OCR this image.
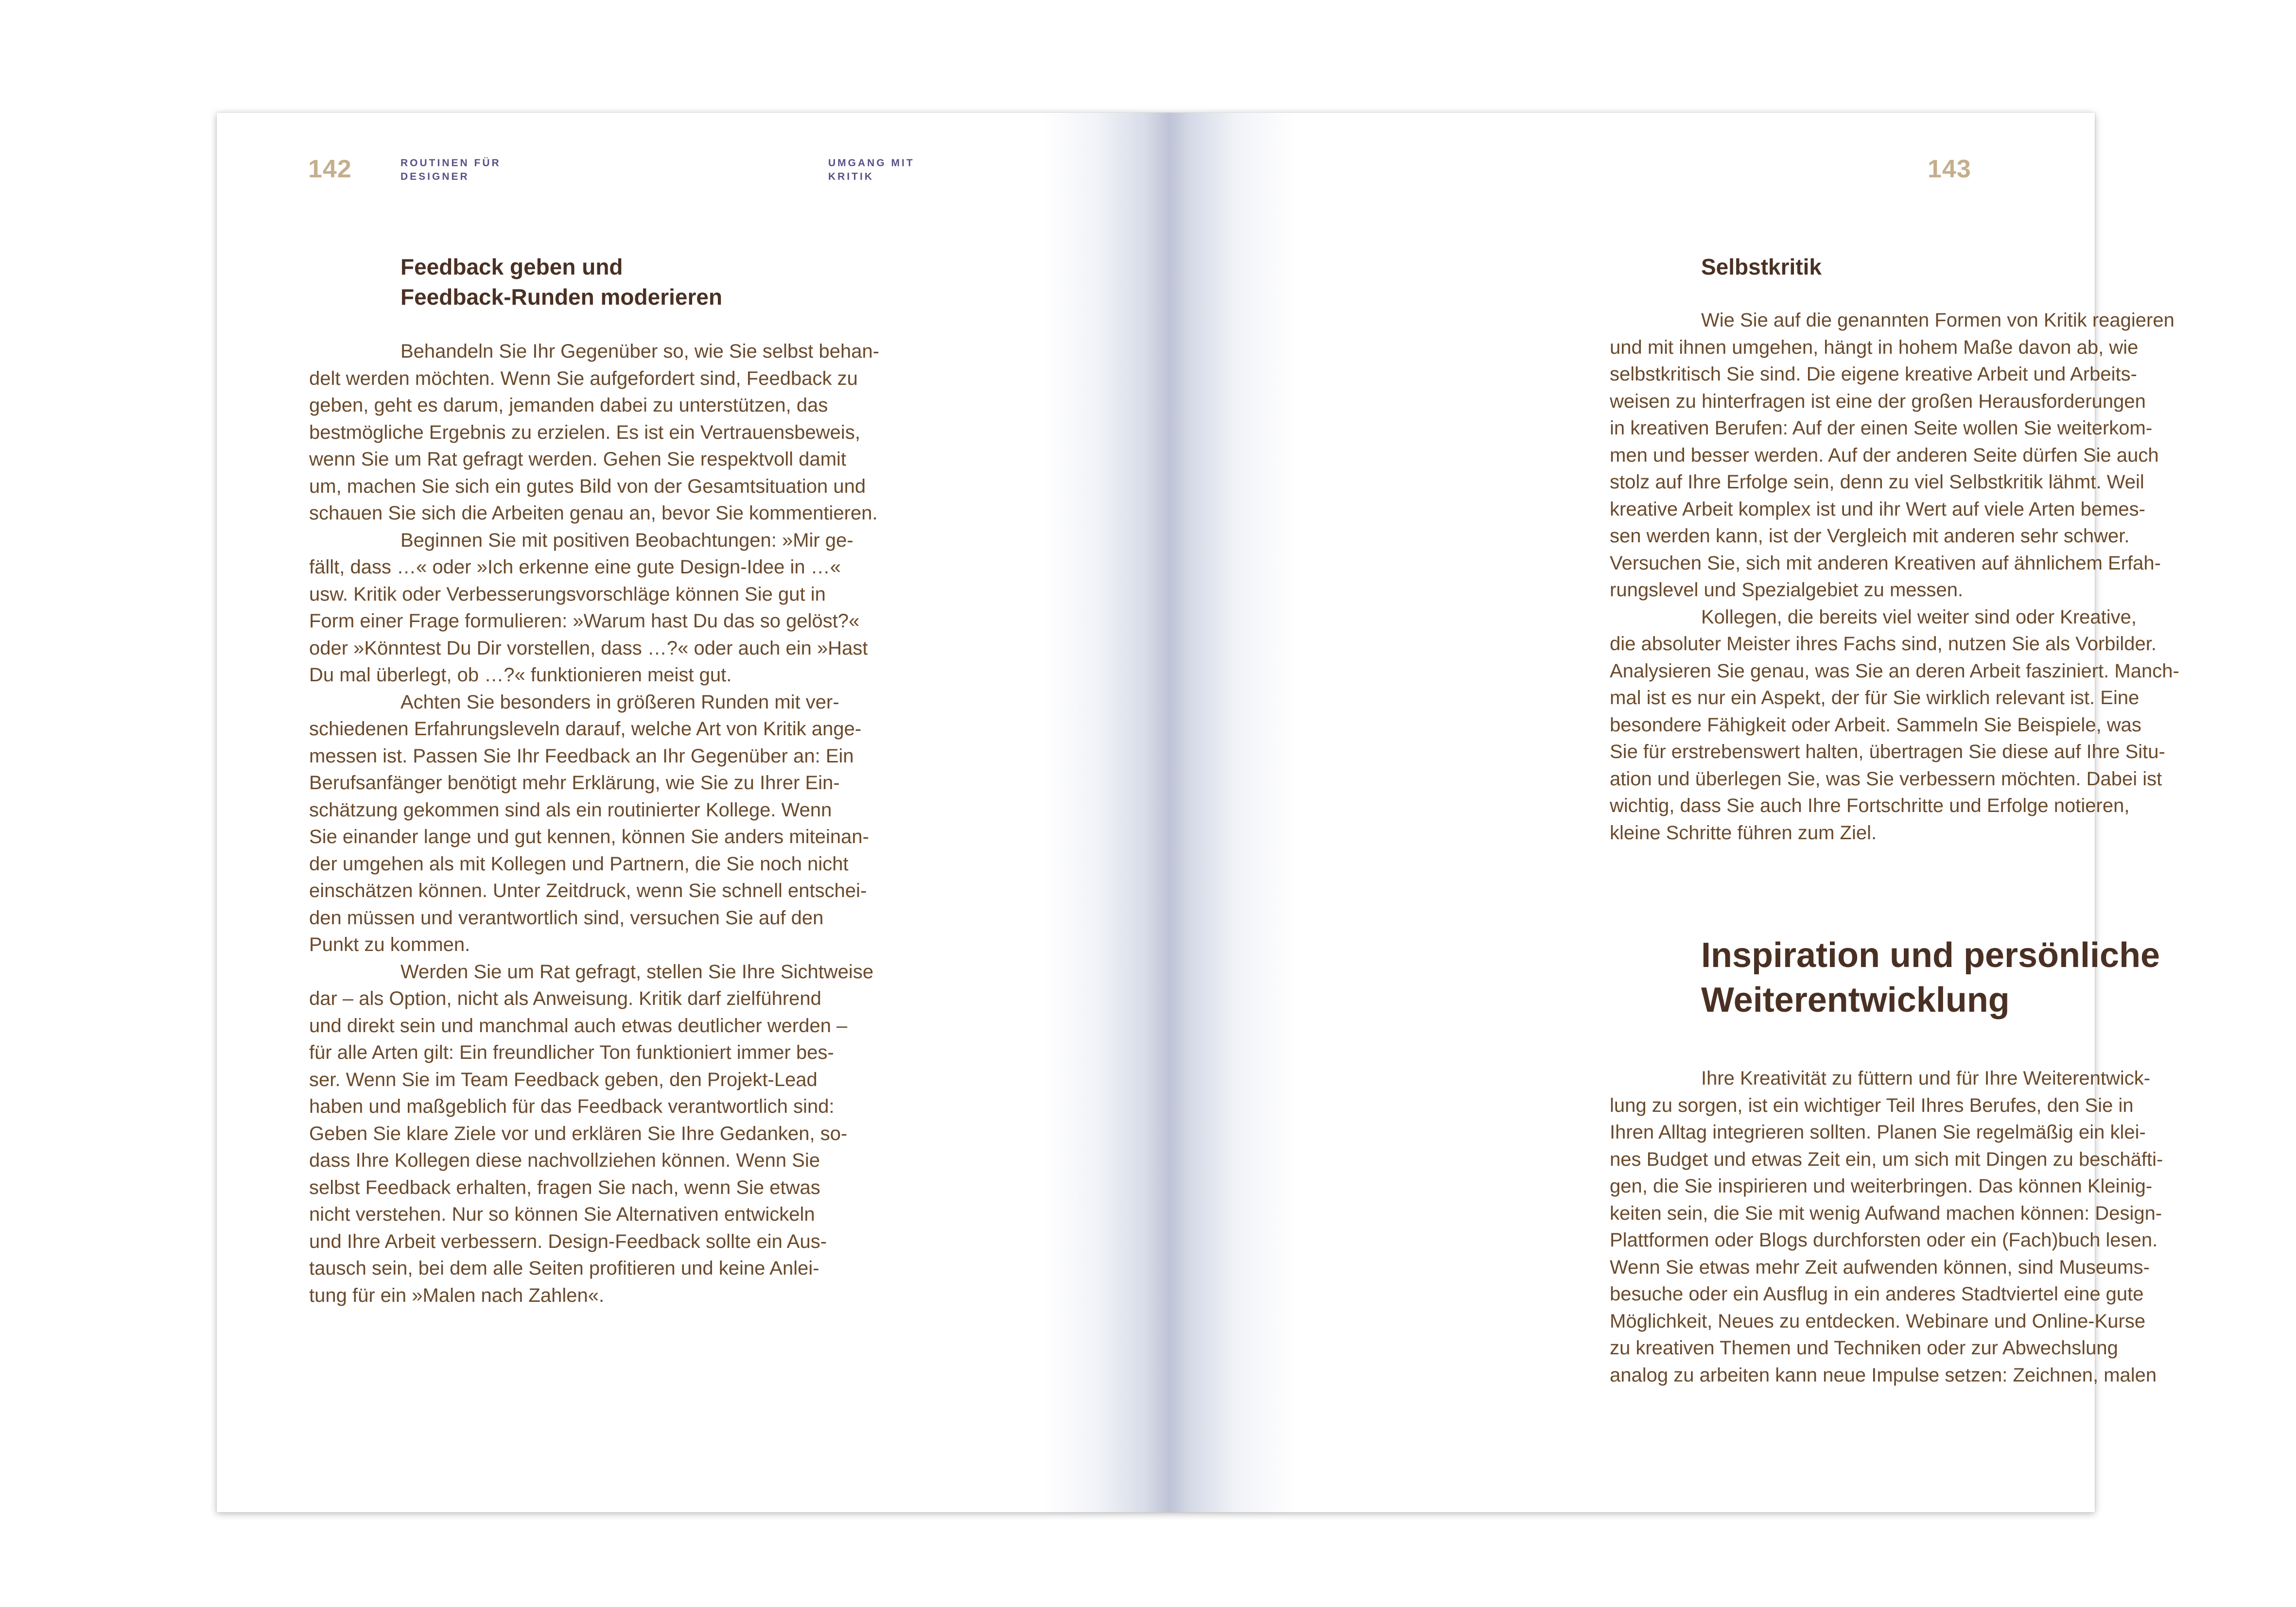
142	ROUTINEN FÜR
DESIGNER
UMGANG MIT
KRITIK
Feedback geben und
Feedback-Runden moderieren

Behandeln Sie Ihr Gegenüber so, wie Sie selbst behan-
delt werden möchten. Wenn Sie aufgefordert sind, Feedback zu
geben, geht es darum, jemanden dabei zu unterstützen, das
bestmögliche Ergebnis zu erzielen. Es ist ein Vertrauensbeweis,
wenn Sie um Rat gefragt werden. Gehen Sie respektvoll damit
um, machen Sie sich ein gutes Bild von der Gesamtsituation und
schauen Sie sich die Arbeiten genau an, bevor Sie kommentieren.

Beginnen Sie mit positiven Beobachtungen: »Mir ge-
fällt, dass …« oder »Ich erkenne eine gute Design-Idee in …«
usw. Kritik oder Verbesserungsvorschläge können Sie gut in
Form einer Frage formulieren: »Warum hast Du das so gelöst?«
oder »Könntest Du Dir vorstellen, dass …?« oder auch ein »Hast
Du mal überlegt, ob …?« funktionieren meist gut.

Achten Sie besonders in größeren Runden mit ver-
schiedenen Erfahrungsleveln darauf, welche Art von Kritik ange-
messen ist. Passen Sie Ihr Feedback an Ihr Gegenüber an: Ein
Berufsanfänger benötigt mehr Erklärung, wie Sie zu Ihrer Ein-
schätzung gekommen sind als ein routinierter Kollege. Wenn
Sie einander lange und gut kennen, können Sie anders miteinan-
der umgehen als mit Kollegen und Partnern, die Sie noch nicht
einschätzen können. Unter Zeitdruck, wenn Sie schnell entschei-
den müssen und verantwortlich sind, versuchen Sie auf den
Punkt zu kommen.

Werden Sie um Rat gefragt, stellen Sie Ihre Sichtweise
dar – als Option, nicht als Anweisung. Kritik darf zielführend
und direkt sein und manchmal auch etwas deutlicher werden –
für alle Arten gilt: Ein freundlicher Ton funktioniert immer bes-
ser. Wenn Sie im Team Feedback geben, den Projekt-Lead
haben und maßgeblich für das Feedback verantwortlich sind:
Geben Sie klare Ziele vor und erklären Sie Ihre Gedanken, so-
dass Ihre Kollegen diese nachvollziehen können. Wenn Sie
selbst Feedback erhalten, fragen Sie nach, wenn Sie etwas
nicht verstehen. Nur so können Sie Alternativen entwickeln
und Ihre Arbeit verbessern. Design-Feedback sollte ein Aus-
tausch sein, bei dem alle Seiten profitieren und keine Anlei-
tung für ein »Malen nach Zahlen«.

143
Selbstkritik

Wie Sie auf die genannten Formen von Kritik reagieren
und mit ihnen umgehen, hängt in hohem Maße davon ab, wie
selbstkritisch Sie sind. Die eigene kreative Arbeit und Arbeits-
weisen zu hinterfragen ist eine der großen Herausforderungen
in kreativen Berufen: Auf der einen Seite wollen Sie weiterkom-
men und besser werden. Auf der anderen Seite dürfen Sie auch
stolz auf Ihre Erfolge sein, denn zu viel Selbstkritik lähmt. Weil
kreative Arbeit komplex ist und ihr Wert auf viele Arten bemes-
sen werden kann, ist der Vergleich mit anderen sehr schwer.
Versuchen Sie, sich mit anderen Kreativen auf ähnlichem Erfah-
rungslevel und Spezialgebiet zu messen.

Kollegen, die bereits viel weiter sind oder Kreative,
die absoluter Meister ihres Fachs sind, nutzen Sie als Vorbilder.
Analysieren Sie genau, was Sie an deren Arbeit fasziniert. Manch-
mal ist es nur ein Aspekt, der für Sie wirklich relevant ist. Eine
besondere Fähigkeit oder Arbeit. Sammeln Sie Beispiele, was
Sie für erstrebenswert halten, übertragen Sie diese auf Ihre Situ-
ation und überlegen Sie, was Sie verbessern möchten. Dabei ist
wichtig, dass Sie auch Ihre Fortschritte und Erfolge notieren,
kleine Schritte führen zum Ziel.

Inspiration und persönliche
Weiterentwicklung

Ihre Kreativität zu füttern und für Ihre Weiterentwick-
lung zu sorgen, ist ein wichtiger Teil Ihres Berufes, den Sie in
Ihren Alltag integrieren sollten. Planen Sie regelmäßig ein klei-
nes Budget und etwas Zeit ein, um sich mit Dingen zu beschäfti-
gen, die Sie inspirieren und weiterbringen. Das können Kleinig-
keiten sein, die Sie mit wenig Aufwand machen können: Design-
Plattformen oder Blogs durchforsten oder ein (Fach)buch lesen.
Wenn Sie etwas mehr Zeit aufwenden können, sind Museums-
besuche oder ein Ausflug in ein anderes Stadtviertel eine gute
Möglichkeit, Neues zu entdecken. Webinare und Online-Kurse
zu kreativen Themen und Techniken oder zur Abwechslung
analog zu arbeiten kann neue Impulse setzen: Zeichnen, malen
